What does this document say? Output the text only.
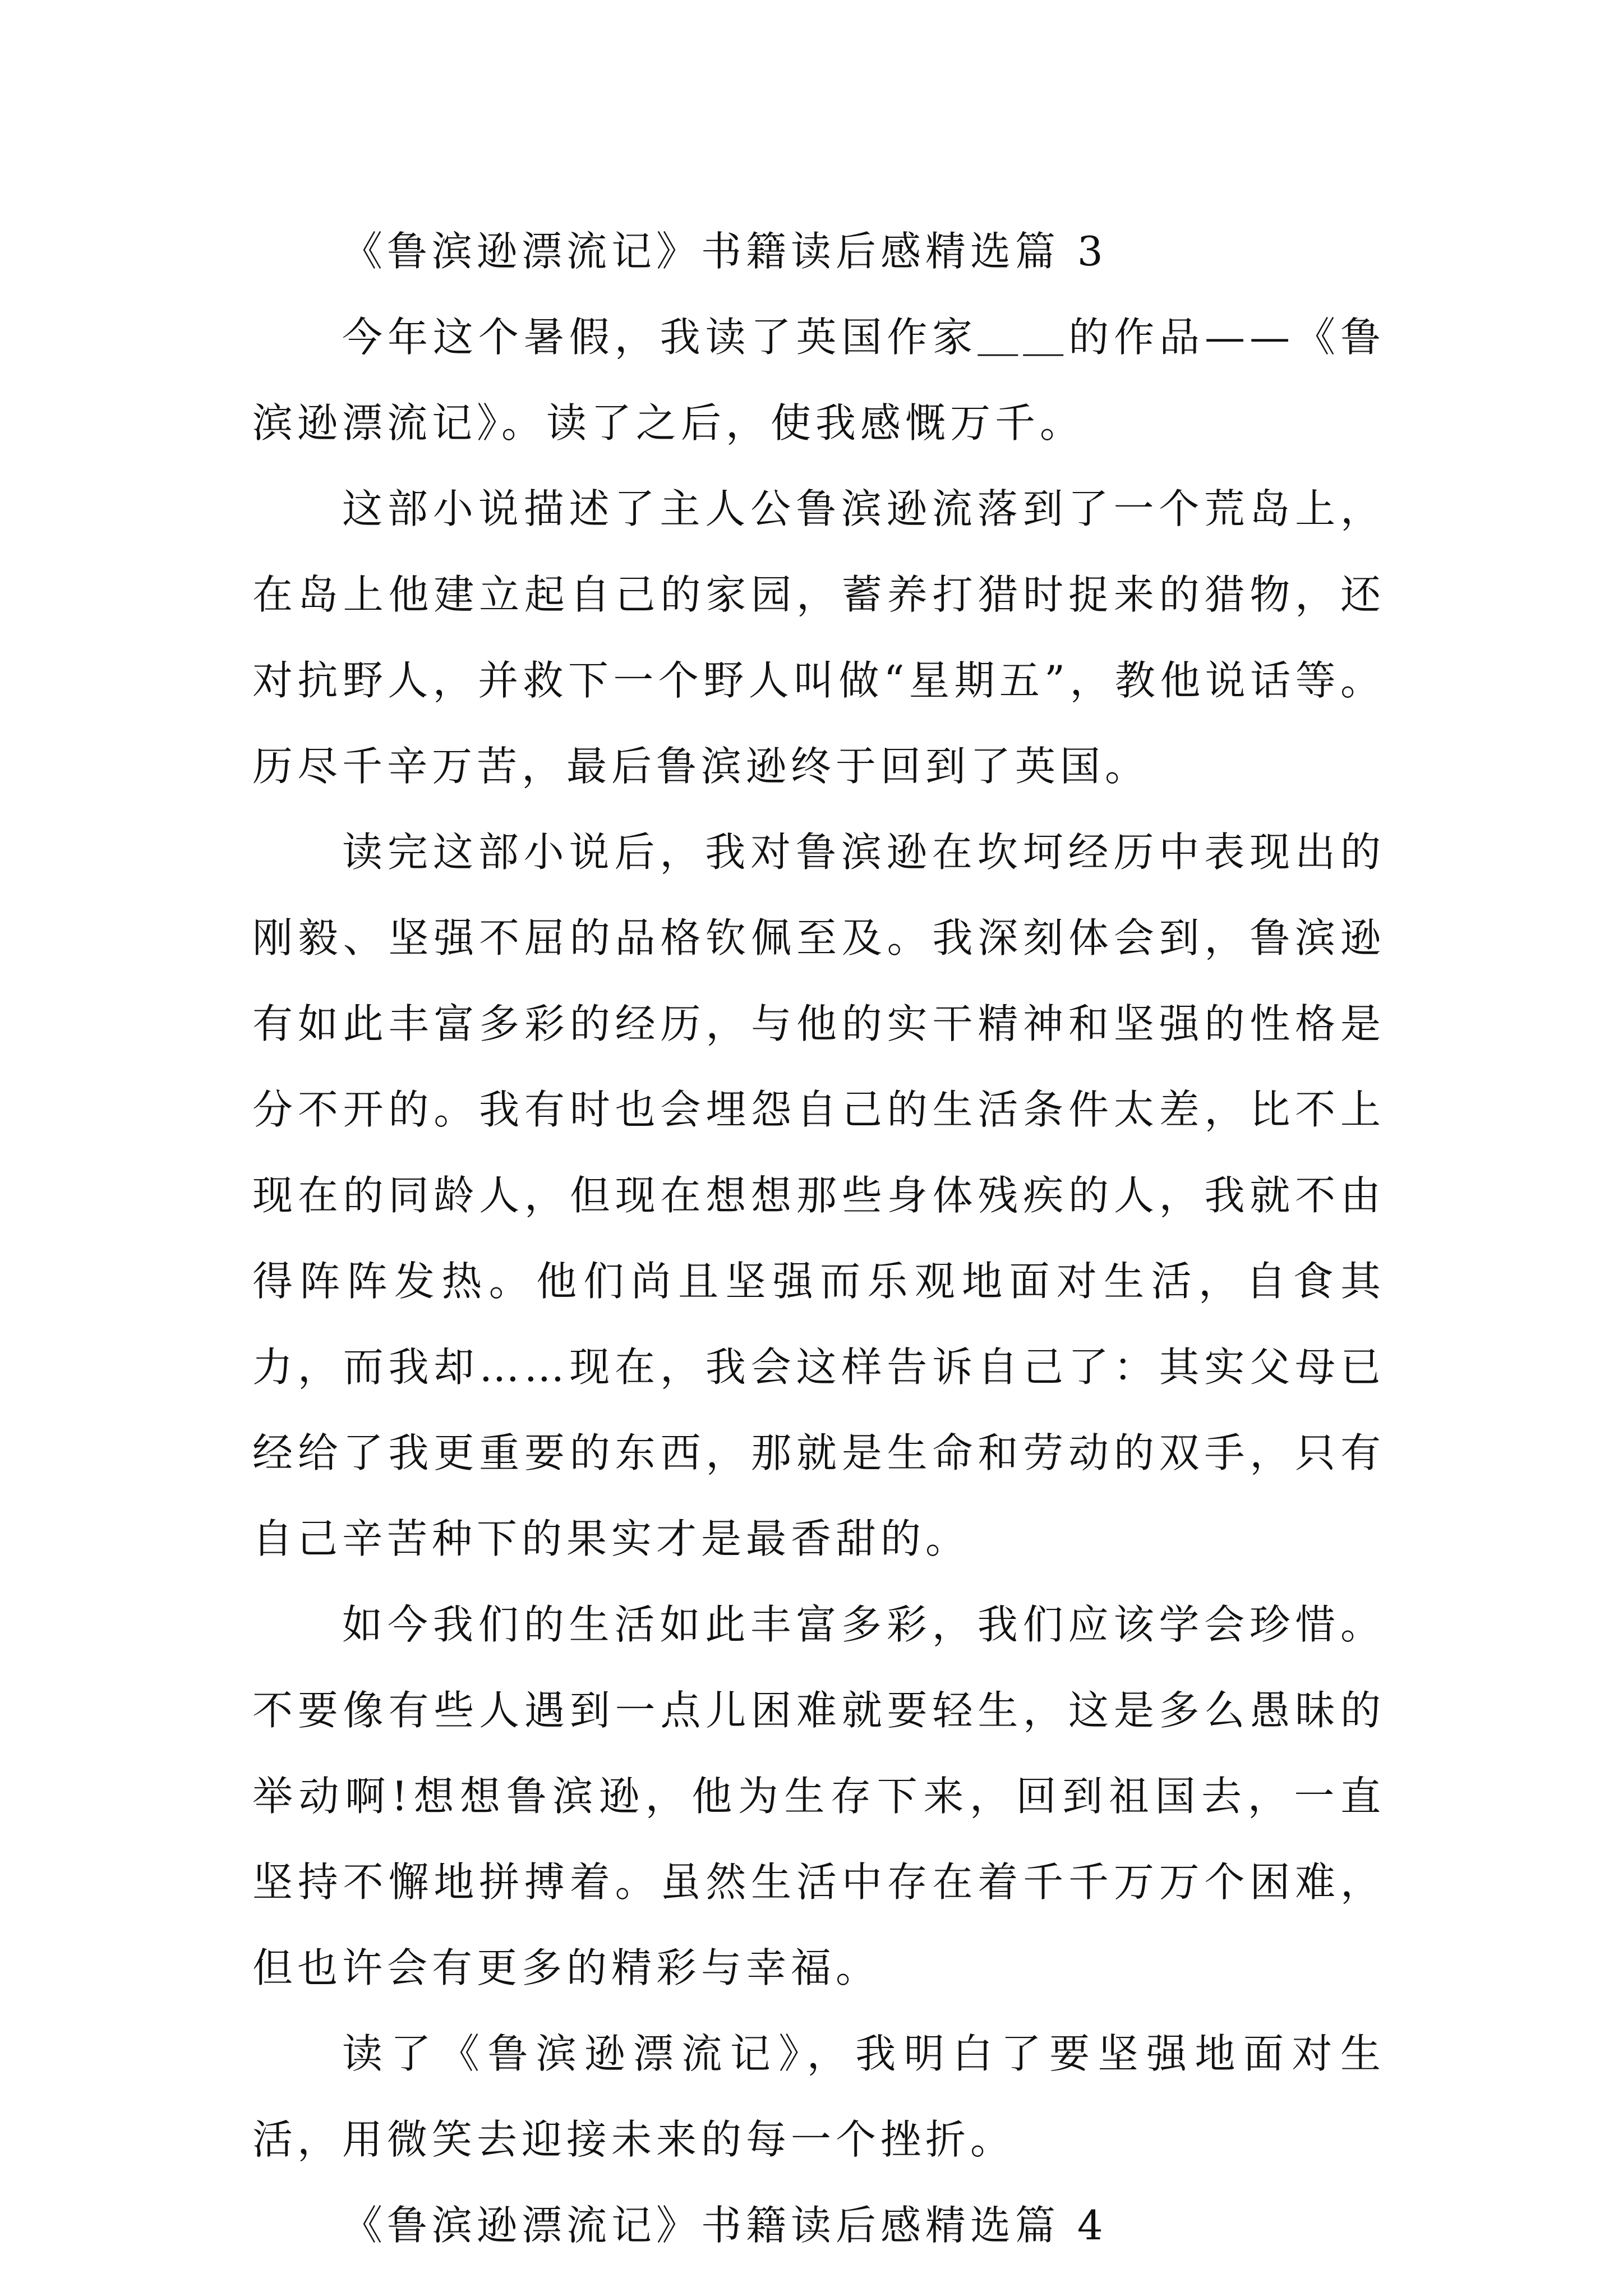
《鲁滨逊漂流记》书籍读后感精选篇 3

今年这个暑假，我读了英国作家＿＿的作品——《鲁滨逊漂流记》。读了之后，使我感慨万千。

这部小说描述了主人公鲁滨逊流落到了一个荒岛上，在岛上他建立起自己的家园，蓄养打猎时捉来的猎物，还对抗野人，并救下一个野人叫做“星期五”，教他说话等。历尽千辛万苦，最后鲁滨逊终于回到了英国。

读完这部小说后，我对鲁滨逊在坎坷经历中表现出的刚毅、坚强不屈的品格钦佩至及。我深刻体会到，鲁滨逊有如此丰富多彩的经历，与他的实干精神和坚强的性格是分不开的。我有时也会埋怨自己的生活条件太差，比不上现在的同龄人，但现在想想那些身体残疾的人，我就不由得阵阵发热。他们尚且坚强而乐观地面对生活，自食其力，而我却……现在，我会这样告诉自己了：其实父母已经给了我更重要的东西，那就是生命和劳动的双手，只有自己辛苦种下的果实才是最香甜的。

如今我们的生活如此丰富多彩，我们应该学会珍惜。不要像有些人遇到一点儿困难就要轻生，这是多么愚昧的举动啊!想想鲁滨逊，他为生存下来，回到祖国去，一直坚持不懈地拼搏着。虽然生活中存在着千千万万个困难，但也许会有更多的精彩与幸福。

读了《鲁滨逊漂流记》，我明白了要坚强地面对生活，用微笑去迎接未来的每一个挫折。

《鲁滨逊漂流记》书籍读后感精选篇 4
